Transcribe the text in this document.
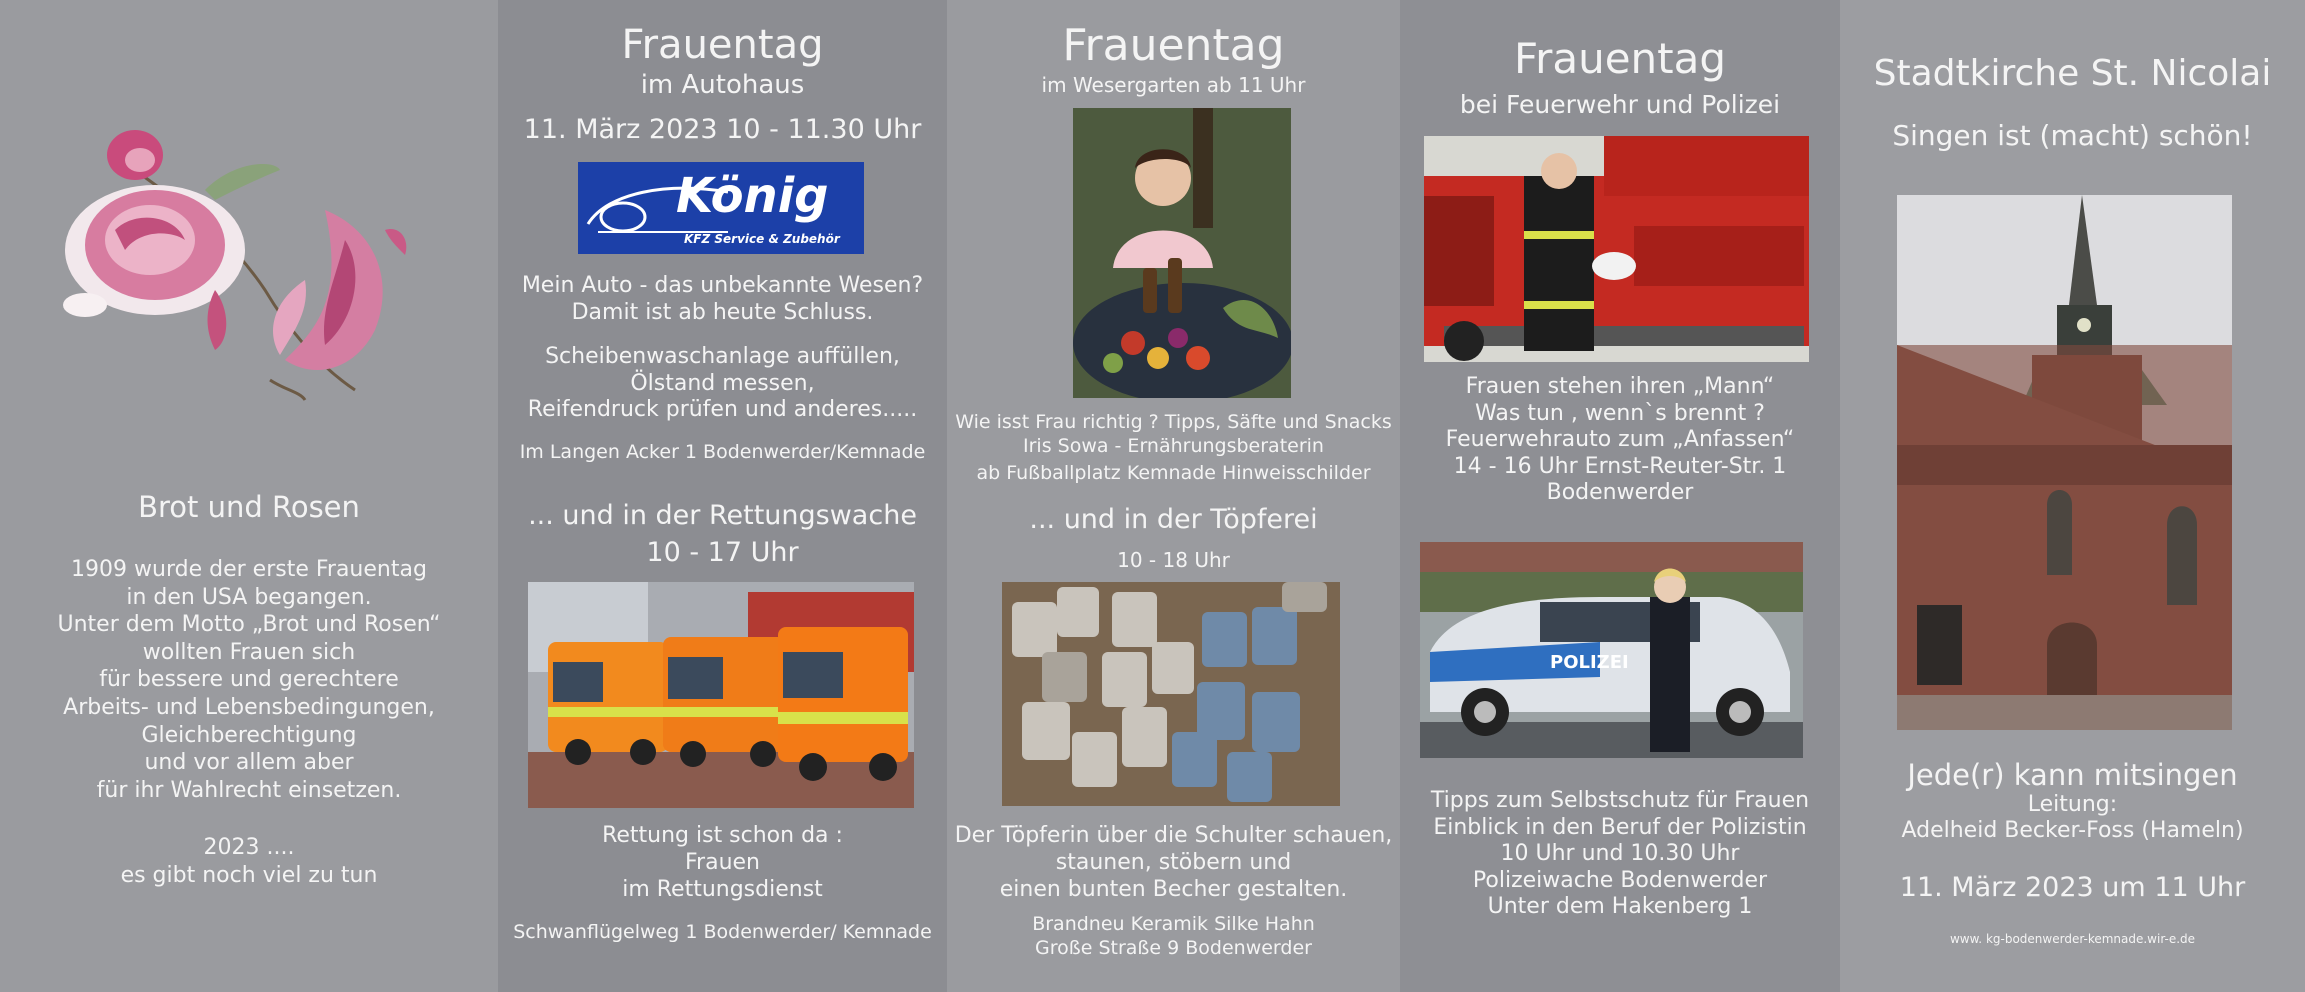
Brot und Rosen
1909 wurde der erste Frauentag
in den USA begangen.
Unter dem Motto „Brot und Rosen“
wollten Frauen sich
für bessere und gerechtere
Arbeits- und Lebensbedingungen,
Gleichberechtigung
und vor allem aber
für ihr Wahlrecht einsetzen.
2023 ....
es gibt noch viel zu tun
Frauentag
im Autohaus
11. März 2023 10 - 11.30 Uhr
König
KFZ Service & Zubehör
Mein Auto - das unbekannte Wesen?
Damit ist ab heute Schluss.
Scheibenwaschanlage auffüllen,
Ölstand messen,
Reifendruck prüfen und anderes.....
Im Langen Acker 1 Bodenwerder/Kemnade
... und in der Rettungswache
10 - 17 Uhr
Rettung ist schon da :
Frauen
im Rettungsdienst
Schwanflügelweg 1 Bodenwerder/ Kemnade
Frauentag
im Wesergarten ab 11 Uhr
Wie isst Frau richtig ? Tipps, Säfte und Snacks
Iris Sowa - Ernährungsberaterin
ab Fußballplatz Kemnade Hinweisschilder
... und in der Töpferei
10 - 18 Uhr
Der Töpferin über die Schulter schauen,
staunen, stöbern und
einen bunten Becher gestalten.
Brandneu Keramik Silke Hahn
Große Straße 9 Bodenwerder
Frauentag
bei Feuerwehr und Polizei
Frauen stehen ihren „Mann“
Was tun , wenn`s brennt ?
Feuerwehrauto zum „Anfassen“
14 - 16 Uhr Ernst-Reuter-Str. 1
Bodenwerder
POLIZEI
Tipps zum Selbstschutz für Frauen
Einblick in den Beruf der Polizistin
10 Uhr und 10.30 Uhr
Polizeiwache Bodenwerder
Unter dem Hakenberg 1
Stadtkirche St. Nicolai
Singen ist (macht) schön!
Jede(r) kann mitsingen
Leitung:
Adelheid Becker-Foss (Hameln)
11. März 2023 um 11 Uhr
www. kg-bodenwerder-kemnade.wir-e.de
